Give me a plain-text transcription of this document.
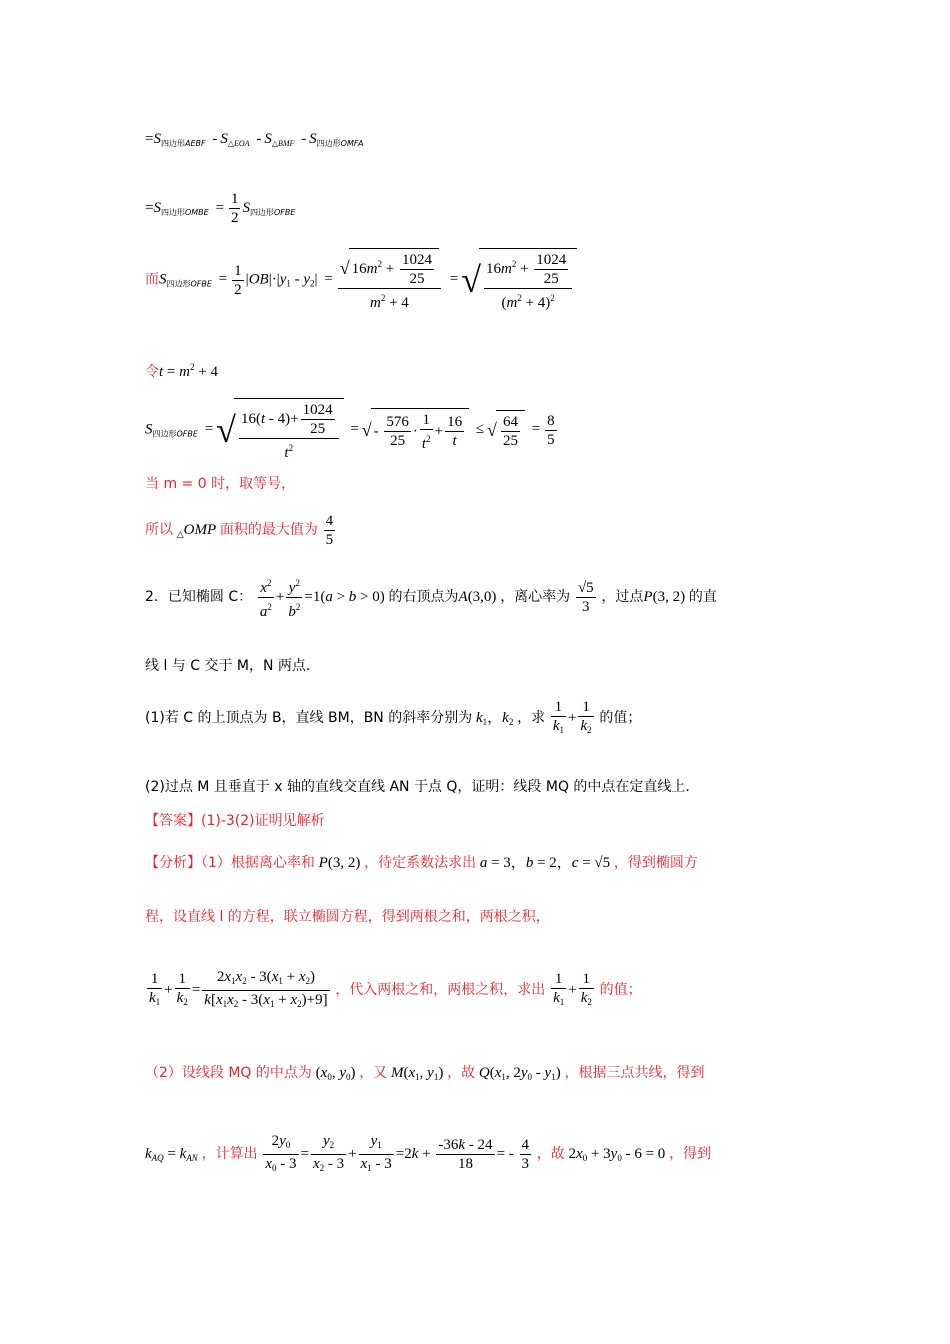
$=S_{四边形AEBF} - S_{\triangle EOA} - S_{\triangle BMF} - S_{四边形OMFA}$
$=S_{四边形OMBE} = \frac{1}{2} S_{四边形OFBE}$
而$S_{四边形OFBE} = \frac{1}{2} |OB|\cdot|y_1 - y_2| = \frac{√ 16m^2 + \frac{1024}{25}}{m^2 + 4}$ =√ $\frac{16m^2 + \frac{1024}{25}}{(m^2 + 4)^2}$
令$t = m^2 + 4$
$S_{四边形OFBE}$ =√ $\frac{16(t - 4)+ \frac{1024}{25}}{t^2}$ = √ - $\frac{576}{25} \cdot \frac{1}{t^2} + \frac{16}{t}$ ≤ √ $\frac{64}{25} = \frac{8}{5}$
当 m = 0 时，取等号，
所以 $_\triangle$OMP 面积的最大值为 $\frac{4}{5}$
2．已知椭圆 C： $\frac{x^2}{a^2} + \frac{y^2}{b^2} =1(a > b > 0)$ 的右顶点为A(3,0) ，离心率为 $\frac{√5}{3}$ ，过点P(3, 2) 的直
线 l 与 C 交于 M，N 两点．
(1)若 C 的上顶点为 B，直线 BM，BN 的斜率分别为 $k_1$，$k_2$ ，求 $\frac{1}{k_1} + \frac{1}{k_2}$ 的值；
(2)过点 M 且垂直于 x 轴的直线交直线 AN 于点 Q，证明：线段 MQ 的中点在定直线上．
【答案】(1)-3(2)证明见解析
【分析】（1）根据离心率和 P(3, 2) ，待定系数法求出 a = 3，b = 2，c = √5 ，得到椭圆方
程，设直线 l 的方程，联立椭圆方程，得到两根之和，两根之积，
$\frac{1}{k_1} + \frac{1}{k_2} = \frac{2x_1x_2 - 3(x_1 + x_2)}{k[x_1x_2 - 3(x_1 + x_2)+9]}$ ，代入两根之和，两根之积，求出 $\frac{1}{k_1} + \frac{1}{k_2}$ 的值；
（2）设线段 MQ 的中点为 ($x_0$, $y_0$) ，又 $M(x_1$, $y_1$) ，故 $Q(x_1$, $2y_0 - y_1$) ，根据三点共线，得到
$k_{AQ} = k_{AN}$ ，计算出 $\frac{2y_0}{x_0 - 3} = \frac{y_2}{x_2 - 3} + \frac{y_1}{x_1 - 3} =2k + \frac{-36k - 24}{18}$ = - $\frac{4}{3}$ ，故 $2x_0 + 3y_0 - 6 = 0$ ，得到
